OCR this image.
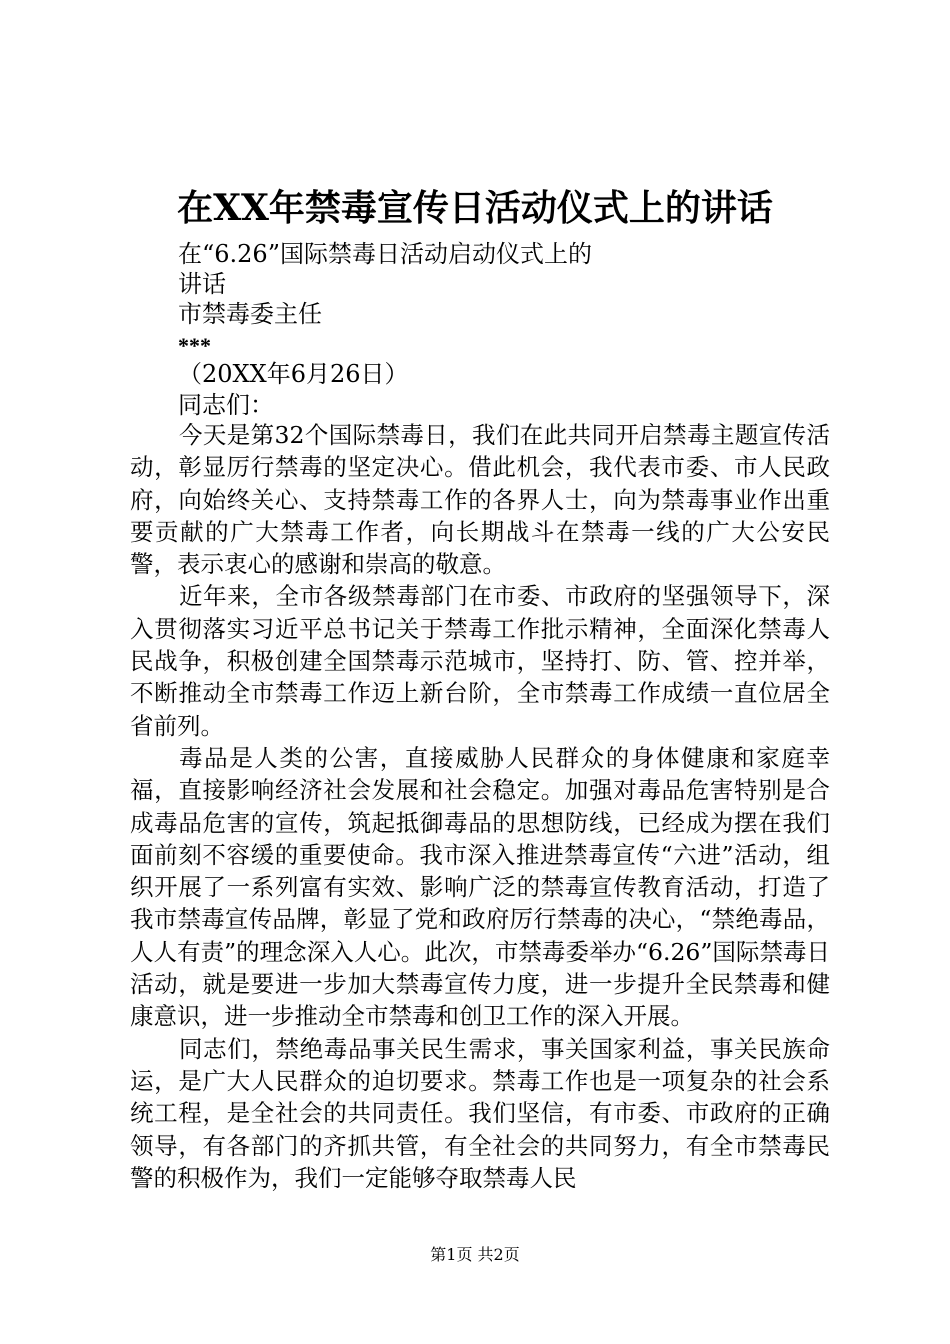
在XX年禁毒宣传日活动仪式上的讲话
在“6.26”国际禁毒日活动启动仪式上的
讲话
市禁毒委主任
***
（20XX年6月26日）
同志们：

今天是第32个国际禁毒日，我们在此共同开启禁毒主题宣传活动，彰显厉行禁毒的坚定决心。借此机会，我代表市委、市人民政府，向始终关心、支持禁毒工作的各界人士，向为禁毒事业作出重要贡献的广大禁毒工作者，向长期战斗在禁毒一线的广大公安民警，表示衷心的感谢和崇高的敬意。

近年来，全市各级禁毒部门在市委、市政府的坚强领导下，深入贯彻落实习近平总书记关于禁毒工作批示精神，全面深化禁毒人民战争，积极创建全国禁毒示范城市，坚持打、防、管、控并举，不断推动全市禁毒工作迈上新台阶，全市禁毒工作成绩一直位居全省前列。

毒品是人类的公害，直接威胁人民群众的身体健康和家庭幸福，直接影响经济社会发展和社会稳定。加强对毒品危害特别是合成毒品危害的宣传，筑起抵御毒品的思想防线，已经成为摆在我们面前刻不容缓的重要使命。我市深入推进禁毒宣传“六进”活动，组织开展了一系列富有实效、影响广泛的禁毒宣传教育活动，打造了我市禁毒宣传品牌，彰显了党和政府厉行禁毒的决心，“禁绝毒品，人人有责”的理念深入人心。此次，市禁毒委举办“6.26”国际禁毒日活动，就是要进一步加大禁毒宣传力度，进一步提升全民禁毒和健康意识，进一步推动全市禁毒和创卫工作的深入开展。

同志们，禁绝毒品事关民生需求，事关国家利益，事关民族命运，是广大人民群众的迫切要求。禁毒工作也是一项复杂的社会系统工程，是全社会的共同责任。我们坚信，有市委、市政府的正确领导，有各部门的齐抓共管，有全社会的共同努力，有全市禁毒民警的积极作为，我们一定能够夺取禁毒人民

第1页 共2页
